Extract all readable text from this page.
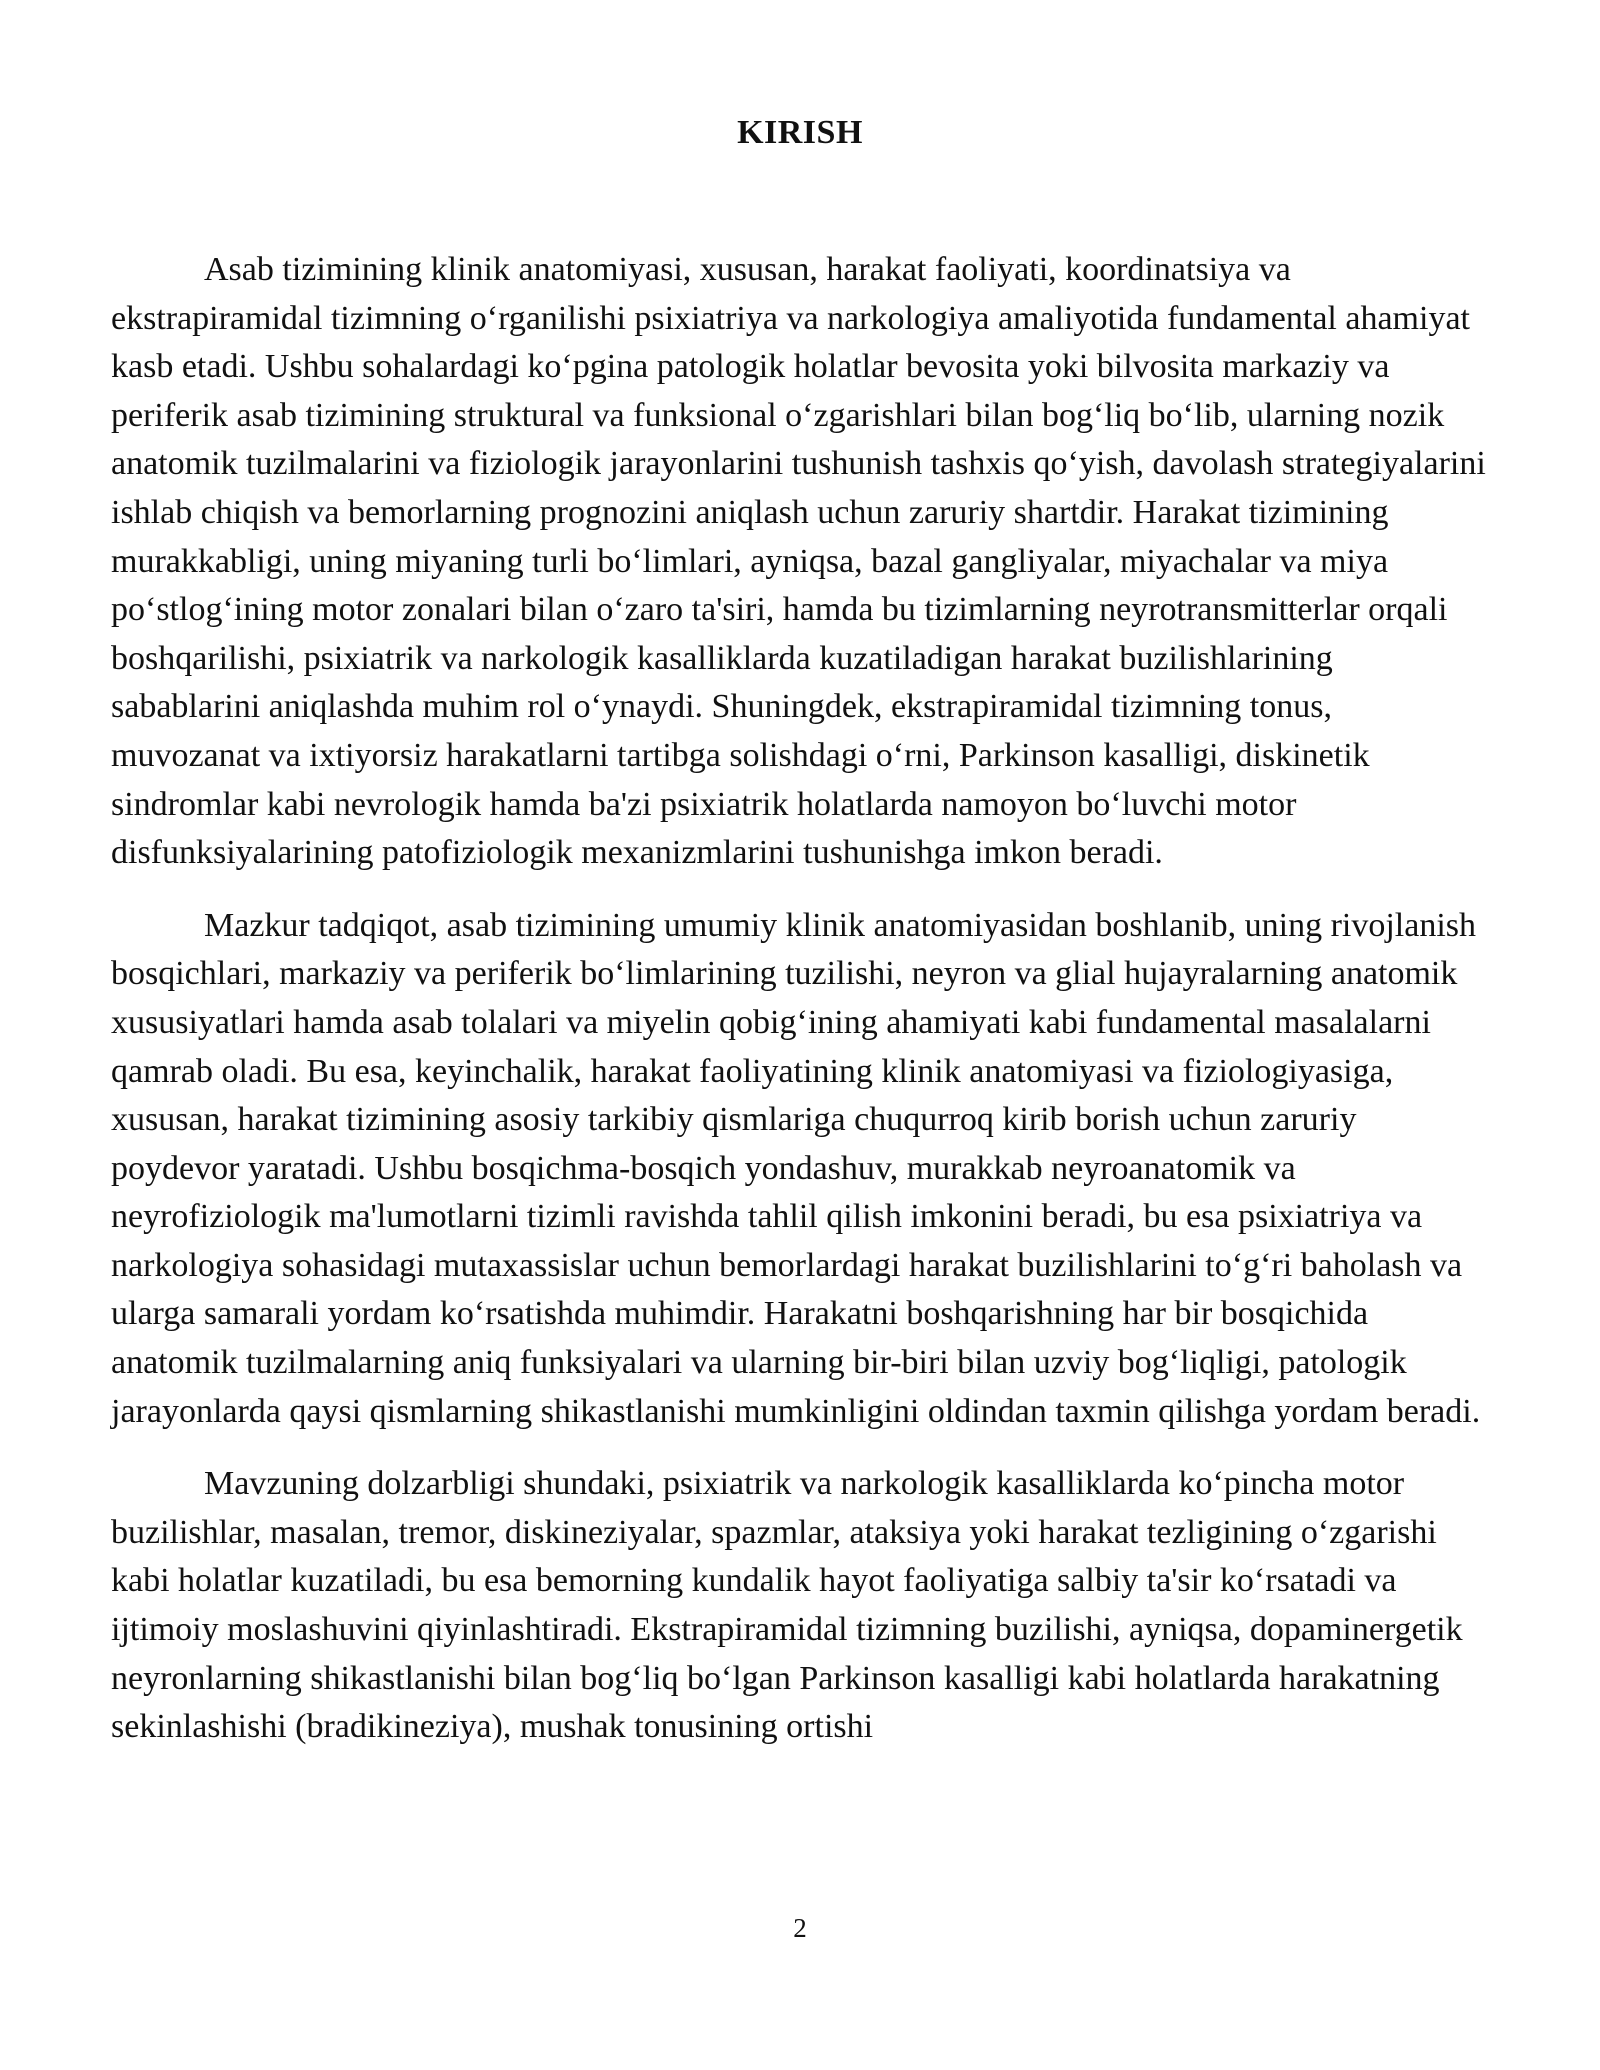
KIRISH

Asab tizimining klinik anatomiyasi, xususan, harakat faoliyati, koordinatsiya va ekstrapiramidal tizimning o‘rganilishi psixiatriya va narkologiya amaliyotida fundamental ahamiyat kasb etadi. Ushbu sohalardagi ko‘pgina patologik holatlar bevosita yoki bilvosita markaziy va periferik asab tizimining struktural va funksional o‘zgarishlari bilan bog‘liq bo‘lib, ularning nozik anatomik tuzilmalarini va fiziologik jarayonlarini tushunish tashxis qo‘yish, davolash strategiyalarini ishlab chiqish va bemorlarning prognozini aniqlash uchun zaruriy shartdir. Harakat tizimining murakkabligi, uning miyaning turli bo‘limlari, ayniqsa, bazal gangliyalar, miyachalar va miya po‘stlog‘ining motor zonalari bilan o‘zaro ta'siri, hamda bu tizimlarning neyrotransmitterlar orqali boshqarilishi, psixiatrik va narkologik kasalliklarda kuzatiladigan harakat buzilishlarining sabablarini aniqlashda muhim rol o‘ynaydi. Shuningdek, ekstrapiramidal tizimning tonus, muvozanat va ixtiyorsiz harakatlarni tartibga solishdagi o‘rni, Parkinson kasalligi, diskinetik sindromlar kabi nevrologik hamda ba'zi psixiatrik holatlarda namoyon bo‘luvchi motor disfunksiyalarining patofiziologik mexanizmlarini tushunishga imkon beradi.

Mazkur tadqiqot, asab tizimining umumiy klinik anatomiyasidan boshlanib, uning rivojlanish bosqichlari, markaziy va periferik bo‘limlarining tuzilishi, neyron va glial hujayralarning anatomik xususiyatlari hamda asab tolalari va miyelin qobig‘ining ahamiyati kabi fundamental masalalarni qamrab oladi. Bu esa, keyinchalik, harakat faoliyatining klinik anatomiyasi va fiziologiyasiga, xususan, harakat tizimining asosiy tarkibiy qismlariga chuqurroq kirib borish uchun zaruriy poydevor yaratadi. Ushbu bosqichma-bosqich yondashuv, murakkab neyroanatomik va neyrofiziologik ma'lumotlarni tizimli ravishda tahlil qilish imkonini beradi, bu esa psixiatriya va narkologiya sohasidagi mutaxassislar uchun bemorlardagi harakat buzilishlarini to‘g‘ri baholash va ularga samarali yordam ko‘rsatishda muhimdir. Harakatni boshqarishning har bir bosqichida anatomik tuzilmalarning aniq funksiyalari va ularning bir-biri bilan uzviy bog‘liqligi, patologik jarayonlarda qaysi qismlarning shikastlanishi mumkinligini oldindan taxmin qilishga yordam beradi.

Mavzuning dolzarbligi shundaki, psixiatrik va narkologik kasalliklarda ko‘pincha motor buzilishlar, masalan, tremor, diskineziyalar, spazmlar, ataksiya yoki harakat tezligining o‘zgarishi kabi holatlar kuzatiladi, bu esa bemorning kundalik hayot faoliyatiga salbiy ta'sir ko‘rsatadi va ijtimoiy moslashuvini qiyinlashtiradi. Ekstrapiramidal tizimning buzilishi, ayniqsa, dopaminergetik neyronlarning shikastlanishi bilan bog‘liq bo‘lgan Parkinson kasalligi kabi holatlarda harakatning sekinlashishi (bradikineziya), mushak tonusining ortishi

2
